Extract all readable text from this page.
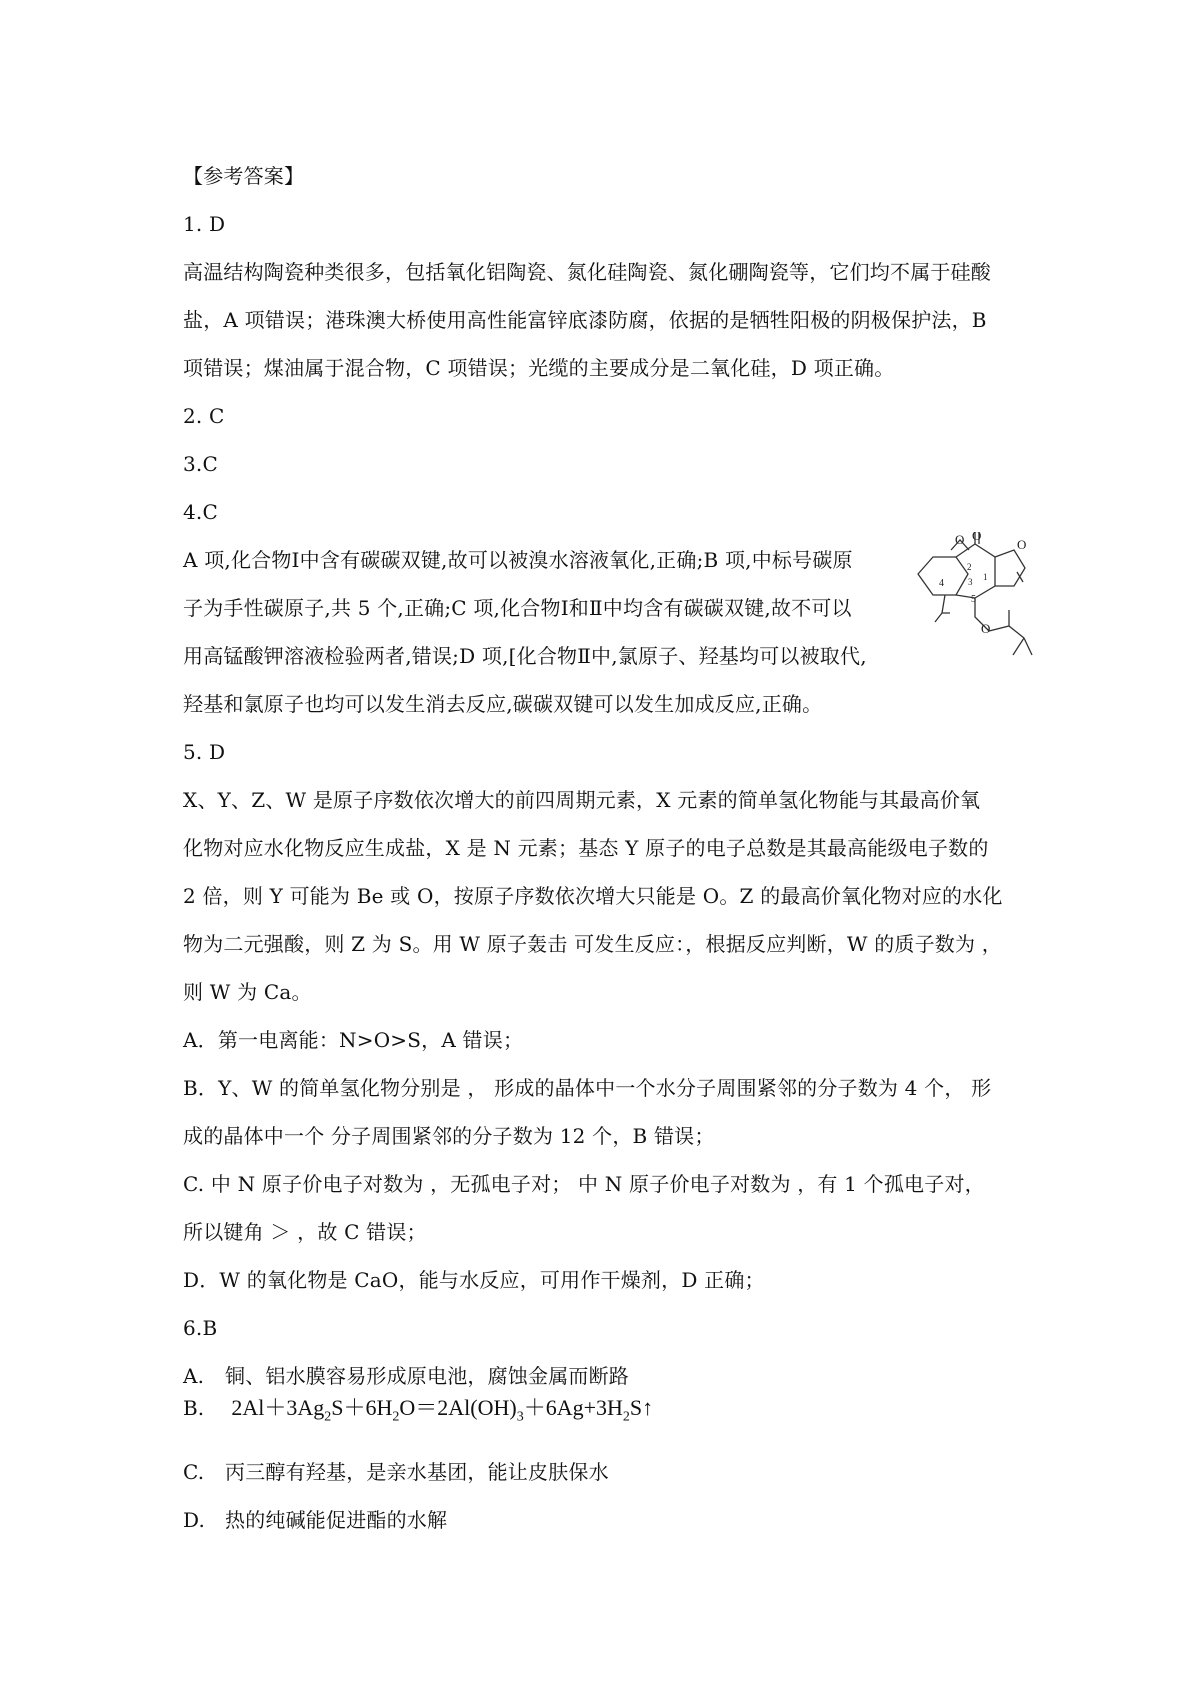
【参考答案】
1. D
高温结构陶瓷种类很多，包括氧化铝陶瓷、氮化硅陶瓷、氮化硼陶瓷等，它们均不属于硅酸
盐，A 项错误；港珠澳大桥使用高性能富锌底漆防腐，依据的是牺牲阳极的阴极保护法，B
项错误；煤油属于混合物，C 项错误；光缆的主要成分是二氧化硅，D 项正确。
2. C
3.C
4.C
A 项,化合物Ⅰ中含有碳碳双键,故可以被溴水溶液氧化,正确;B 项,中标号碳原
子为手性碳原子,共 5 个,正确;C 项,化合物Ⅰ和Ⅱ中均含有碳碳双键,故不可以
用高锰酸钾溶液检验两者,错误;D 项,[化合物Ⅱ中,氯原子、羟基均可以被取代,
羟基和氯原子也均可以发生消去反应,碳碳双键可以发生加成反应,正确。
5. D
X、Y、Z、W 是原子序数依次增大的前四周期元素，X 元素的简单氢化物能与其最高价氧
化物对应水化物反应生成盐，X 是 N 元素；基态 Y 原子的电子总数是其最高能级电子数的
2 倍，则 Y 可能为 Be 或 O，按原子序数依次增大只能是 O。Z 的最高价氧化物对应的水化
物为二元强酸，则 Z 为 S。用 W 原子轰击 可发生反应：，根据反应判断，W 的质子数为 ，
则 W 为 Ca。
A．第一电离能：N>O>S，A 错误；
B．Y、W 的简单氢化物分别是 ， 形成的晶体中一个水分子周围紧邻的分子数为 4 个， 形
成的晶体中一个 分子周围紧邻的分子数为 12 个，B 错误；
C. 中 N 原子价电子对数为 ，无孤电子对； 中 N 原子价电子对数为 ，有 1 个孤电子对，
所以键角 ＞ ，故 C 错误；
D．W 的氧化物是 CaO，能与水反应，可用作干燥剂，D 正确；
6.B
A. 铜、铝水膜容易形成原电池，腐蚀金属而断路
C. 丙三醇有羟基，是亲水基团，能让皮肤保水
D. 热的纯碱能促进酯的水解
B. $2Al+3Ag_2S+6H_2O=2Al(OH)_3+6Ag+3H_2S↑$
O O
2
3
4
5
1
O
O
